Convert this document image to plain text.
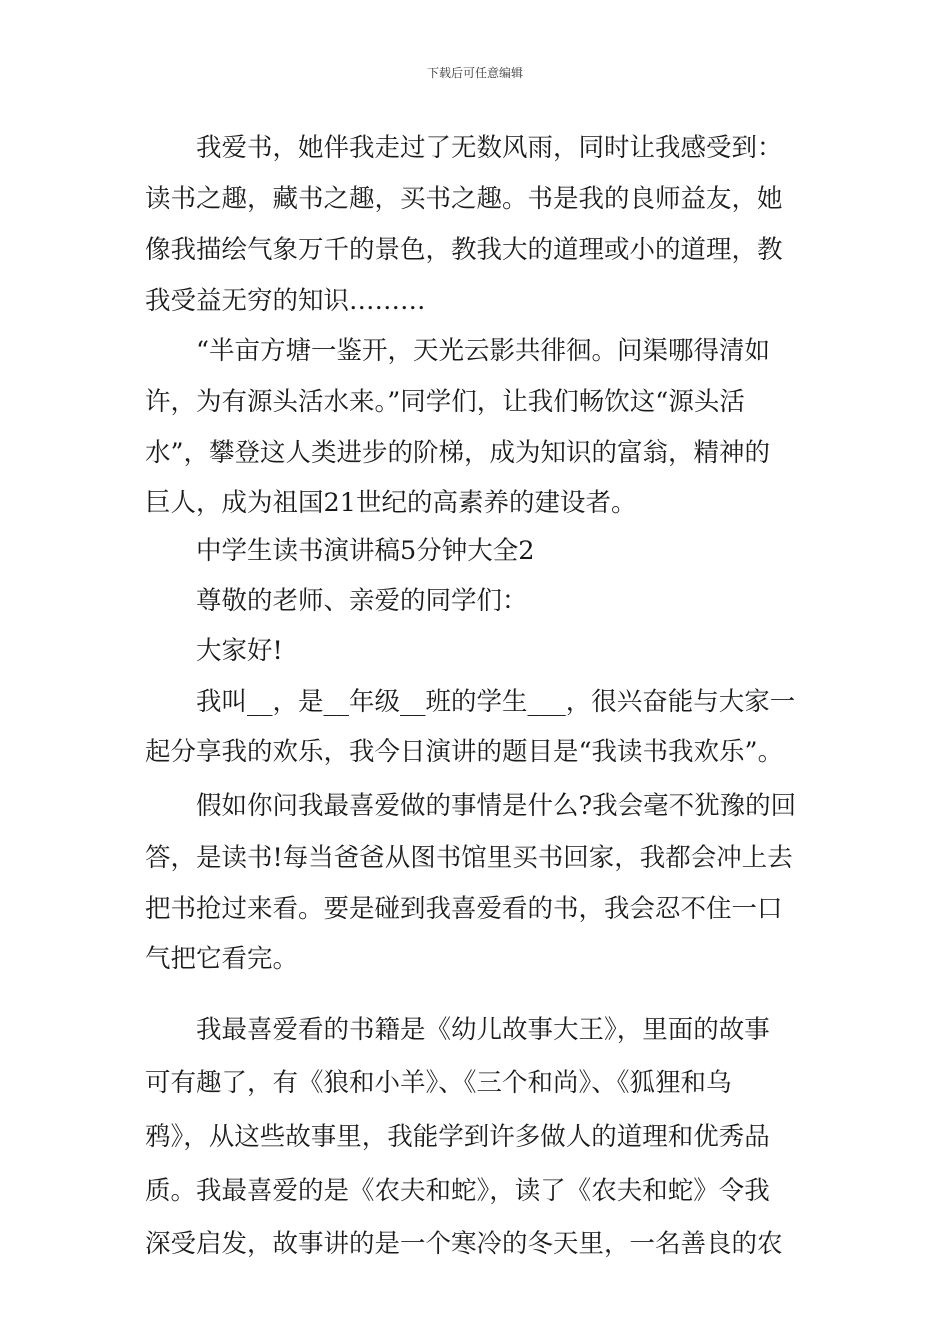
下载后可任意编辑
　　我爱书，她伴我走过了无数风雨，同时让我感受到：
读书之趣，藏书之趣，买书之趣。书是我的良师益友，她
像我描绘气象万千的景色，教我大的道理或小的道理，教
我受益无穷的知识………
　　“半亩方塘一鉴开，天光云影共徘徊。问渠哪得清如
许，为有源头活水来。”同学们，让我们畅饮这“源头活
水”，攀登这人类进步的阶梯，成为知识的富翁，精神的
巨人，成为祖国21世纪的高素养的建设者。
　　中学生读书演讲稿5分钟大全2
　　尊敬的老师、亲爱的同学们：
　　大家好!
　　我叫__，是__年级__班的学生___，很兴奋能与大家一
起分享我的欢乐，我今日演讲的题目是“我读书我欢乐”。
　　假如你问我最喜爱做的事情是什么?我会毫不犹豫的回
答，是读书!每当爸爸从图书馆里买书回家，我都会冲上去
把书抢过来看。要是碰到我喜爱看的书，我会忍不住一口
气把它看完。
　　我最喜爱看的书籍是《幼儿故事大王》，里面的故事
可有趣了，有《狼和小羊》、《三个和尚》、《狐狸和乌
鸦》，从这些故事里，我能学到许多做人的道理和优秀品
质。我最喜爱的是《农夫和蛇》，读了《农夫和蛇》令我
深受启发，故事讲的是一个寒冷的冬天里，一名善良的农
